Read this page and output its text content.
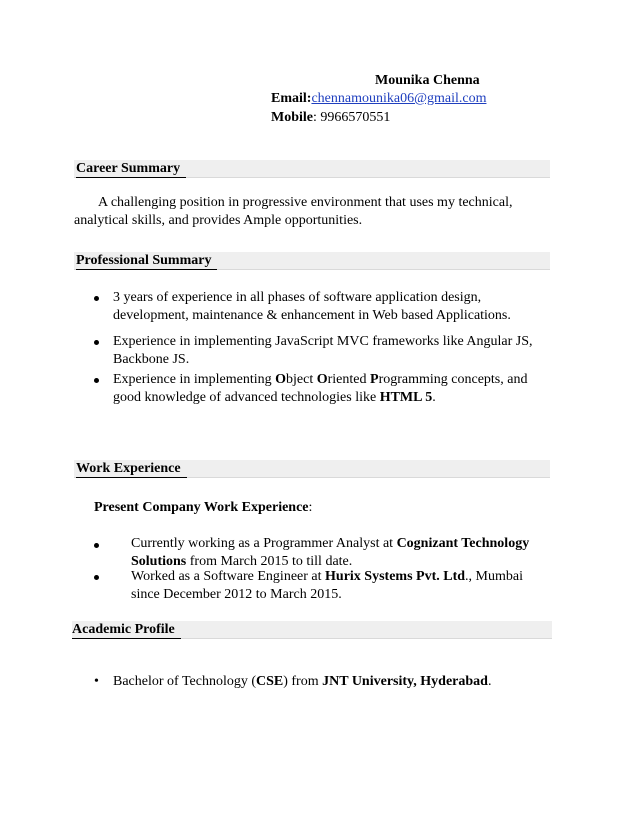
Mounika Chenna
Email:chennamounika06@gmail.com
Mobile: 9966570551
Career Summary
A challenging position in progressive environment that uses my technical,
analytical skills, and provides Ample opportunities.
Professional Summary
3 years of experience in all phases of software application design,
development, maintenance & enhancement in Web based Applications.
Experience in implementing JavaScript MVC frameworks like Angular JS,
Backbone JS.
Experience in implementing Object Oriented Programming concepts, and
good knowledge of advanced technologies like HTML 5.
Work Experience
Present Company Work Experience:
Currently working as a Programmer Analyst at Cognizant Technology
Solutions from March 2015 to till date.
Worked as a Software Engineer at Hurix Systems Pvt. Ltd., Mumbai
since December 2012 to March 2015.
Academic Profile
• Bachelor of Technology (CSE) from JNT University, Hyderabad.
